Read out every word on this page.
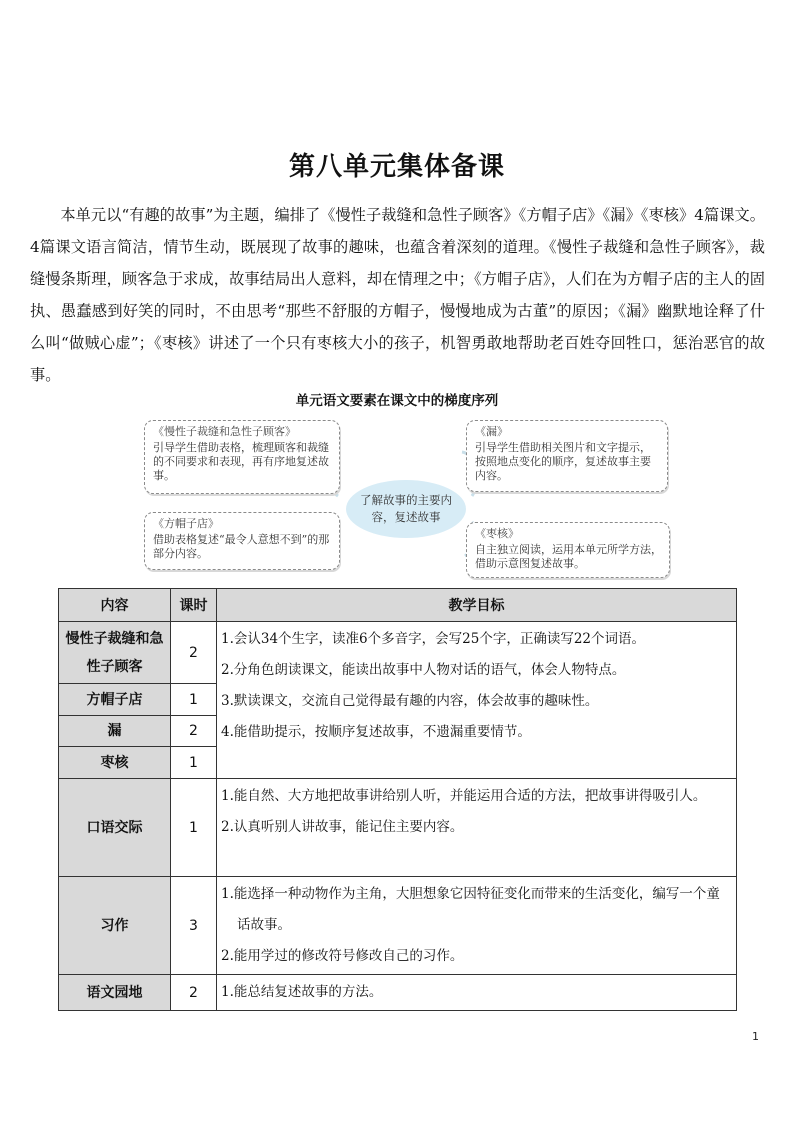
第八单元集体备课

本单元以“有趣的故事”为主题，编排了《慢性子裁缝和急性子顾客》《方帽子店》《漏》《枣核》4篇课文。4篇课文语言简洁，情节生动，既展现了故事的趣味，也蕴含着深刻的道理。《慢性子裁缝和急性子顾客》，裁缝慢条斯理，顾客急于求成，故事结局出人意料，却在情理之中；《方帽子店》，人们在为方帽子店的主人的固执、愚蠢感到好笑的同时，不由思考“那些不舒服的方帽子，慢慢地成为古董”的原因；《漏》幽默地诠释了什么叫“做贼心虚”；《枣核》讲述了一个只有枣核大小的孩子，机智勇敢地帮助老百姓夺回牲口，惩治恶官的故事。

单元语文要素在课文中的梯度序列
《慢性子裁缝和急性子顾客》
引导学生借助表格，梳理顾客和裁缝的不同要求和表现，再有序地复述故事。
《方帽子店》
借助表格复述“最令人意想不到”的那部分内容。
了解故事的主要内容，复述故事
《漏》
引导学生借助相关图片和文字提示，按照地点变化的顺序，复述故事主要内容。
《枣核》
自主独立阅读，运用本单元所学方法，借助示意图复述故事。
内容	课时	教学目标
慢性子裁缝和急性子顾客	2	1.会认34个生字，读准6个多音字，会写25个字，正确读写22个词语。
2.分角色朗读课文，能读出故事中人物对话的语气，体会人物特点。
3.默读课文，交流自己觉得最有趣的内容，体会故事的趣味性。
4.能借助提示，按顺序复述故事，不遗漏重要情节。

方帽子店	1	
漏	2	
枣核	1	
口语交际	1	1.能自然、大方地把故事讲给别人听，并能运用合适的方法，把故事讲得吸引人。
2.认真听别人讲故事，能记住主要内容。

习作	3	1.能选择一种动物作为主角，大胆想象它因特征变化而带来的生活变化，编写一个童话故事。
2.能用学过的修改符号修改自己的习作。

语文园地	2	1.能总结复述故事的方法。
1
